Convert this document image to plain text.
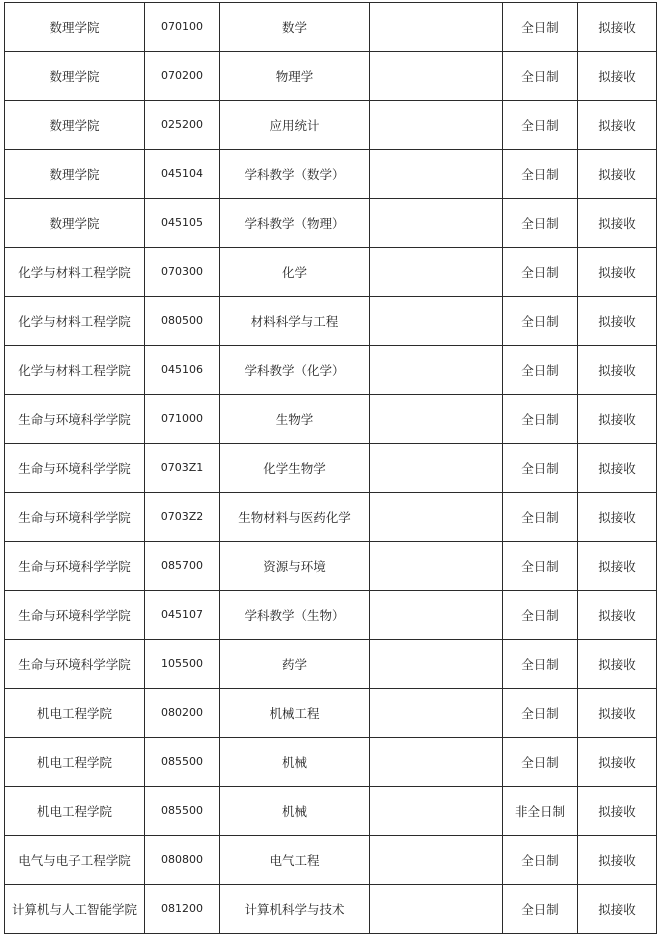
数理学院	070100	数学		全日制	拟接收
数理学院	070200	物理学		全日制	拟接收
数理学院	025200	应用统计		全日制	拟接收
数理学院	045104	学科教学（数学）		全日制	拟接收
数理学院	045105	学科教学（物理）		全日制	拟接收
化学与材料工程学院	070300	化学		全日制	拟接收
化学与材料工程学院	080500	材料科学与工程		全日制	拟接收
化学与材料工程学院	045106	学科教学（化学）		全日制	拟接收
生命与环境科学学院	071000	生物学		全日制	拟接收
生命与环境科学学院	0703Z1	化学生物学		全日制	拟接收
生命与环境科学学院	0703Z2	生物材料与医药化学		全日制	拟接收
生命与环境科学学院	085700	资源与环境		全日制	拟接收
生命与环境科学学院	045107	学科教学（生物）		全日制	拟接收
生命与环境科学学院	105500	药学		全日制	拟接收
机电工程学院	080200	机械工程		全日制	拟接收
机电工程学院	085500	机械		全日制	拟接收
机电工程学院	085500	机械		非全日制	拟接收
电气与电子工程学院	080800	电气工程		全日制	拟接收
计算机与人工智能学院	081200	计算机科学与技术		全日制	拟接收
